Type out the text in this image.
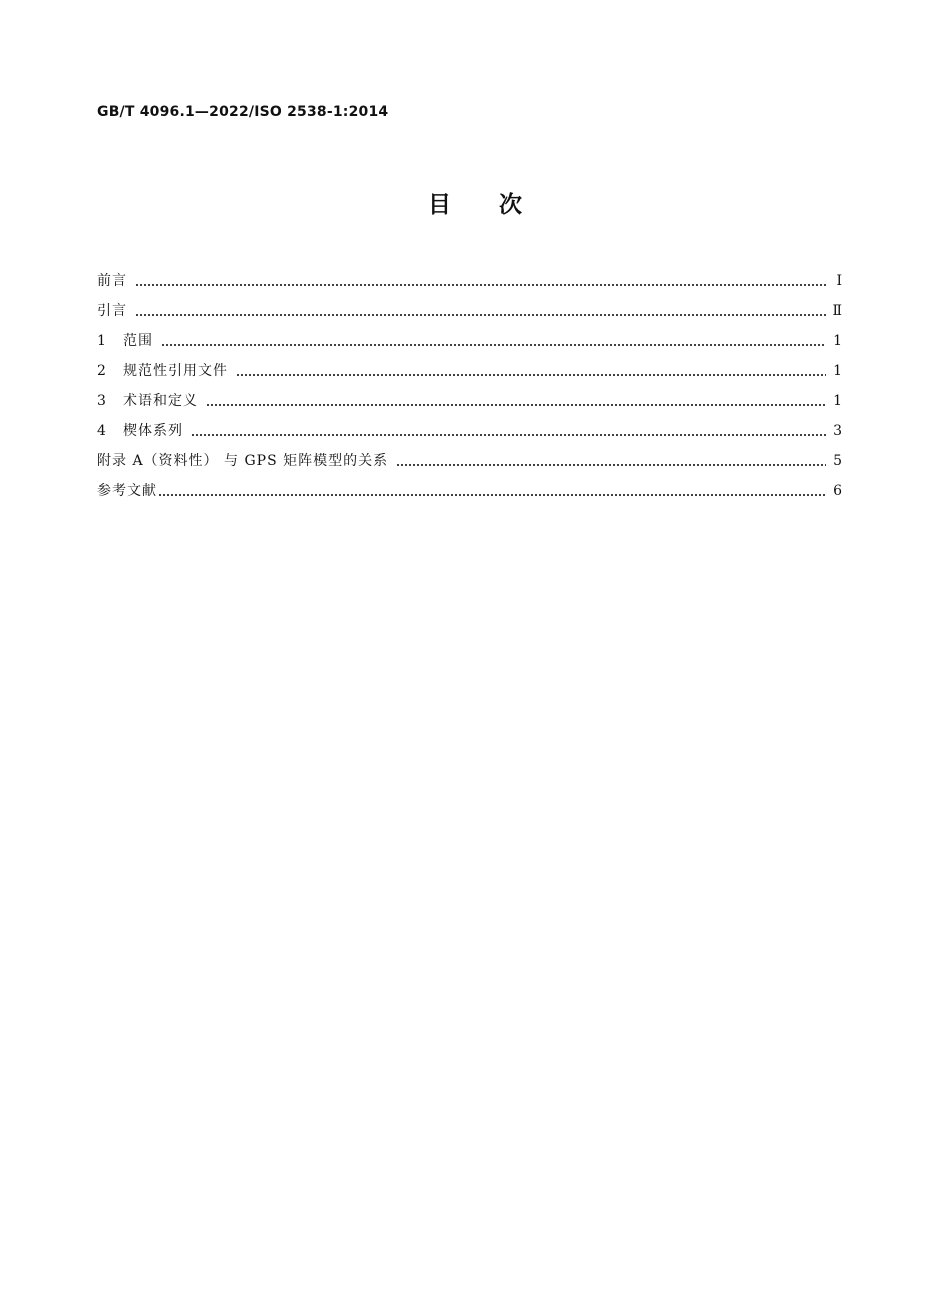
GB/T 4096.1—2022/ISO 2538-1:2014
目 次
前言	Ⅰ
引言	Ⅱ
1	范围	1
2	规范性引用文件	1
3	术语和定义	1
4	楔体系列	3
附录 A（资料性） 与 GPS 矩阵模型的关系	5
参考文献	6
